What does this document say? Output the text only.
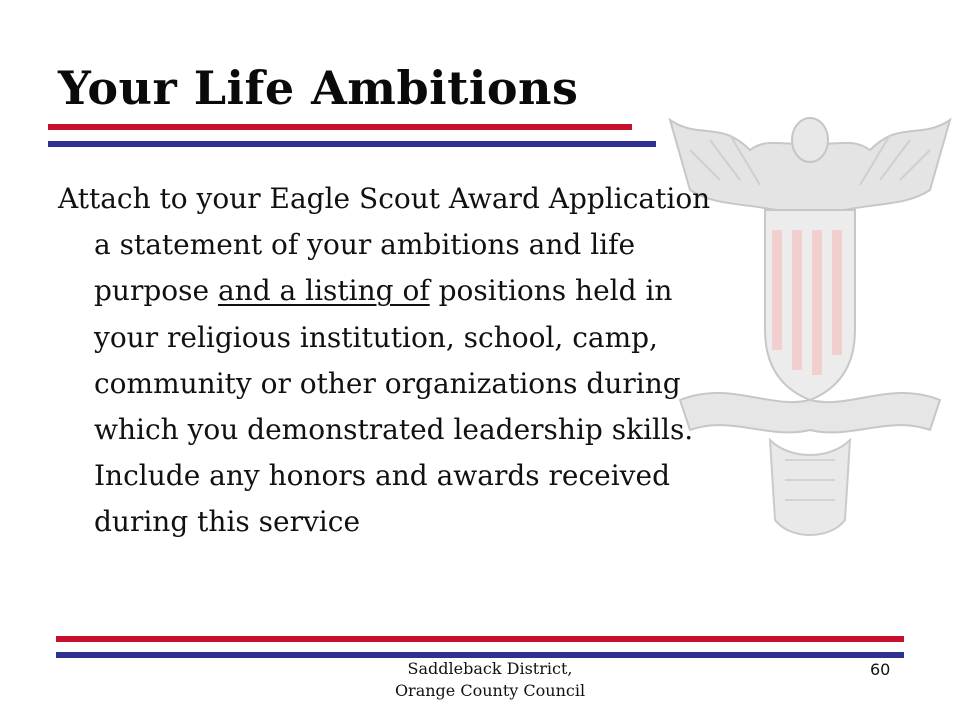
Your Life Ambitions
Attach to your Eagle Scout Award Application
a statement of your ambitions and life
purpose and a listing of positions held in
your religious institution, school, camp,
community or other organizations during
which you demonstrated leadership skills.
Include any honors and awards received
during this service
Saddleback District,
Orange County Council
60
